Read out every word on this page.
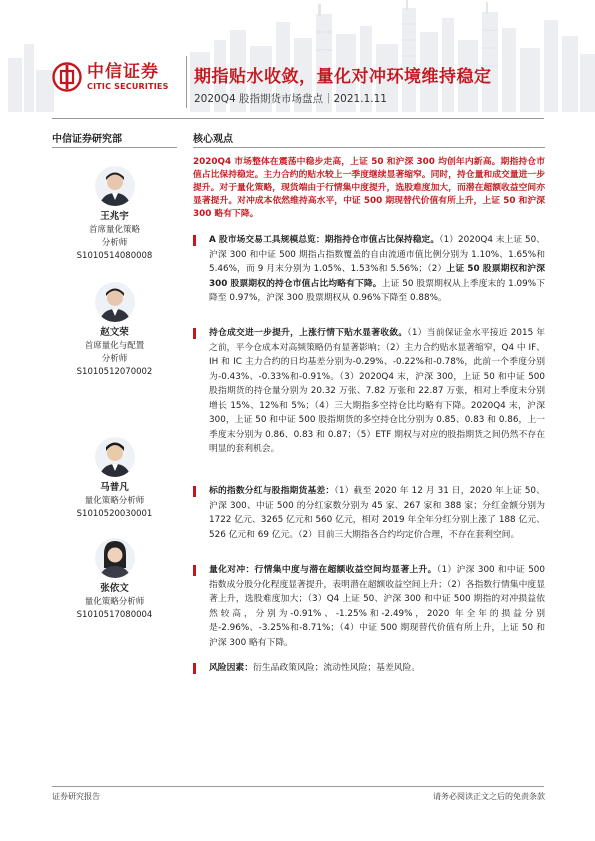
中信证券
CITIC SECURITIES 期指贴水收敛，量化对冲环境维持稳定
2020Q4 股指期货市场盘点｜2021.1.11
中信证券研究部	核心观点
2020Q4 市场整体在震荡中稳步走高，上证 50 和沪深 300 均创年内新高。期指持仓市值占比保持稳定。主力合约的贴水较上一季度继续显著缩窄。同时，持仓量和成交量进一步提升。对于量化策略，现货端由于行情集中度提升，选股难度加大，而潜在超额收益空间亦显著提升。对冲成本依然维持高水平，中证 500 期现替代价值有所上升，上证 50 和沪深 300 略有下降。
王兆宇
首席量化策略
分析师
S1010514080008
赵文荣
首席量化与配置
分析师
S1010512070002
马普凡
量化策略分析师
S1010520030001
张依文
量化策略分析师
S1010517080004
A 股市场交易工具规模总览：期指持仓市值占比保持稳定。（1）2020Q4 末上证 50、沪深 300 和中证 500 期指占指数覆盖的自由流通市值比例分别为 1.10%、1.65%和 5.46%，而 9 月末分别为 1.05%、1.53%和 5.56%；（2）上证 50 股票期权和沪深 300 股票期权的持仓市值占比均略有下降。上证 50 股票期权从上季度末的 1.09%下降至 0.97%，沪深 300 股票期权从 0.96%下降至 0.88%。
持仓成交进一步提升，上涨行情下贴水显著收敛。（1）当前保证金水平接近 2015 年之前，平今仓成本对高频策略仍有显著影响；（2）主力合约贴水显著缩窄，Q4 中 IF、IH 和 IC 主力合约的日均基差分别为-0.29%、-0.22%和-0.78%，此前一个季度分别为-0.43%、-0.33%和-0.91%。（3）2020Q4 末，沪深 300，上证 50 和中证 500 股指期货的持仓量分别为 20.32 万张、7.82 万张和 22.87 万张，相对上季度末分别增长 15%、12%和 5%；（4）三大期指多空持仓比均略有下降。2020Q4 末，沪深 300，上证 50 和中证 500 股指期货的多空持仓比分别为 0.85、0.83 和 0.86，上一季度末分别为 0.86、0.83 和 0.87；（5）ETF 期权与对应的股指期货之间仍然不存在明显的套利机会。
标的指数分红与股指期货基差：（1）截至 2020 年 12 月 31 日，2020 年上证 50、沪深 300、中证 500 的分红家数分别为 45 家、267 家和 388 家；分红金额分别为 1722 亿元、3265 亿元和 560 亿元，相对 2019 年全年分红分别上涨了 188 亿元、526 亿元和 69 亿元。（2）目前三大期指各合约均定价合理，不存在套利空间。
量化对冲：行情集中度与潜在超额收益空间均显著上升。（1）沪深 300 和中证 500 指数成分股分化程度显著提升，表明潜在超额收益空间上升；（2）各指数行情集中度显著上升，选股难度加大；（3）Q4 上证 50、沪深 300 和中证 500 期指的对冲损益依然较高，分别为-0.91%、-1.25%和-2.49%，2020 年全年的损益分别是-2.96%、-3.25%和-8.71%；（4）中证 500 期现替代价值有所上升，上证 50 和沪深 300 略有下降。
风险因素：衍生品政策风险；流动性风险；基差风险。
证券研究报告	请务必阅读正文之后的免责条款
